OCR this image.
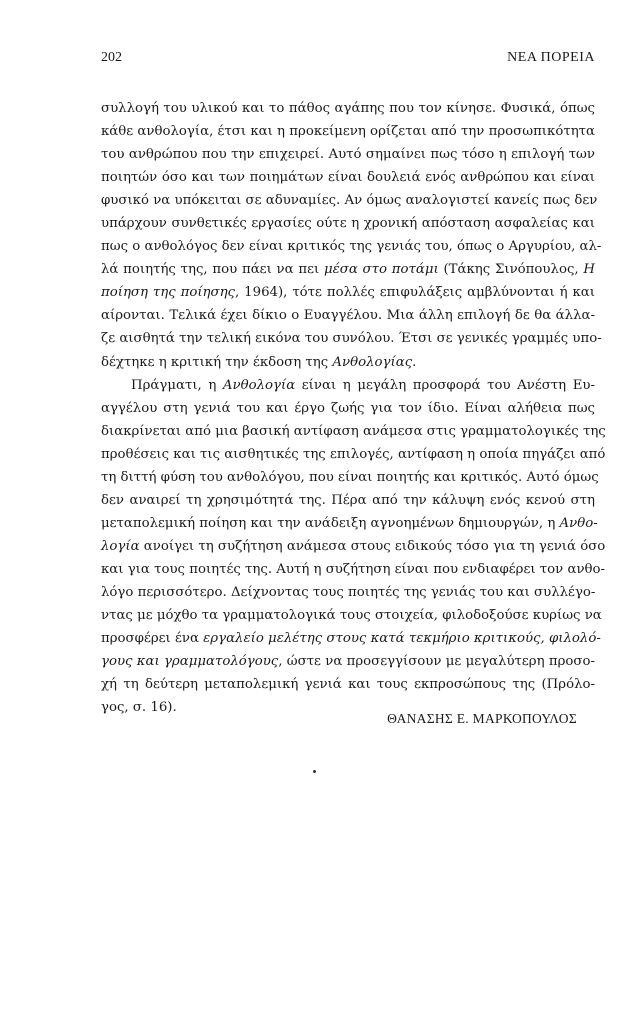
202	ΝΕΑ ΠΟΡΕΙΑ
συλλογή του υλικού και το πάθος αγάπης που τον κίνησε. Φυσικά, όπως
κάθε ανθολογία, έτσι και η προκείμενη ορίζεται από την προσωπικότητα
του ανθρώπου που την επιχειρεί. Αυτό σημαίνει πως τόσο η επιλογή των
ποιητών όσο και των ποιημάτων είναι δουλειά ενός ανθρώπου και είναι
φυσικό να υπόκειται σε αδυναμίες. Αν όμως αναλογιστεί κανείς πως δεν
υπάρχουν συνθετικές εργασίες ούτε η χρονική απόσταση ασφαλείας και
πως ο ανθολόγος δεν είναι κριτικός της γενιάς του, όπως ο Αργυρίου, αλ-
λά ποιητής της, που πάει να πει μέσα στο ποτάμι (Τάκης Σινόπουλος, Η
ποίηση της ποίησης, 1964), τότε πολλές επιφυλάξεις αμβλύνονται ή και
αίρονται. Τελικά έχει δίκιο ο Ευαγγέλου. Μια άλλη επιλογή δε θα άλλα-
ζε αισθητά την τελική εικόνα του συνόλου. Έτσι σε γενικές γραμμές υπο-
δέχτηκε η κριτική την έκδοση της Ανθολογίας.
Πράγματι, η Ανθολογία είναι η μεγάλη προσφορά του Ανέστη Ευ-
αγγέλου στη γενιά του και έργο ζωής για τον ίδιο. Είναι αλήθεια πως
διακρίνεται από μια βασική αντίφαση ανάμεσα στις γραμματολογικές της
προθέσεις και τις αισθητικές της επιλογές, αντίφαση η οποία πηγάζει από
τη διττή φύση του ανθολόγου, που είναι ποιητής και κριτικός. Αυτό όμως
δεν αναιρεί τη χρησιμότητά της. Πέρα από την κάλυψη ενός κενού στη
μεταπολεμική ποίηση και την ανάδειξη αγνοημένων δημιουργών, η Ανθο-
λογία ανοίγει τη συζήτηση ανάμεσα στους ειδικούς τόσο για τη γενιά όσο
και για τους ποιητές της. Αυτή η συζήτηση είναι που ενδιαφέρει τον ανθο-
λόγο περισσότερο. Δείχνοντας τους ποιητές της γενιάς του και συλλέγο-
ντας με μόχθο τα γραμματολογικά τους στοιχεία, φιλοδοξούσε κυρίως να
προσφέρει ένα εργαλείο μελέτης στους κατά τεκμήριο κριτικούς, φιλολό-
γους και γραμματολόγους, ώστε να προσεγγίσουν με μεγαλύτερη προσο-
χή τη δεύτερη μεταπολεμική γενιά και τους εκπροσώπους της (Πρόλο-
γος, σ. 16).
ΘΑΝΑΣΗΣ Ε. ΜΑΡΚΟΠΟΥΛΟΣ
